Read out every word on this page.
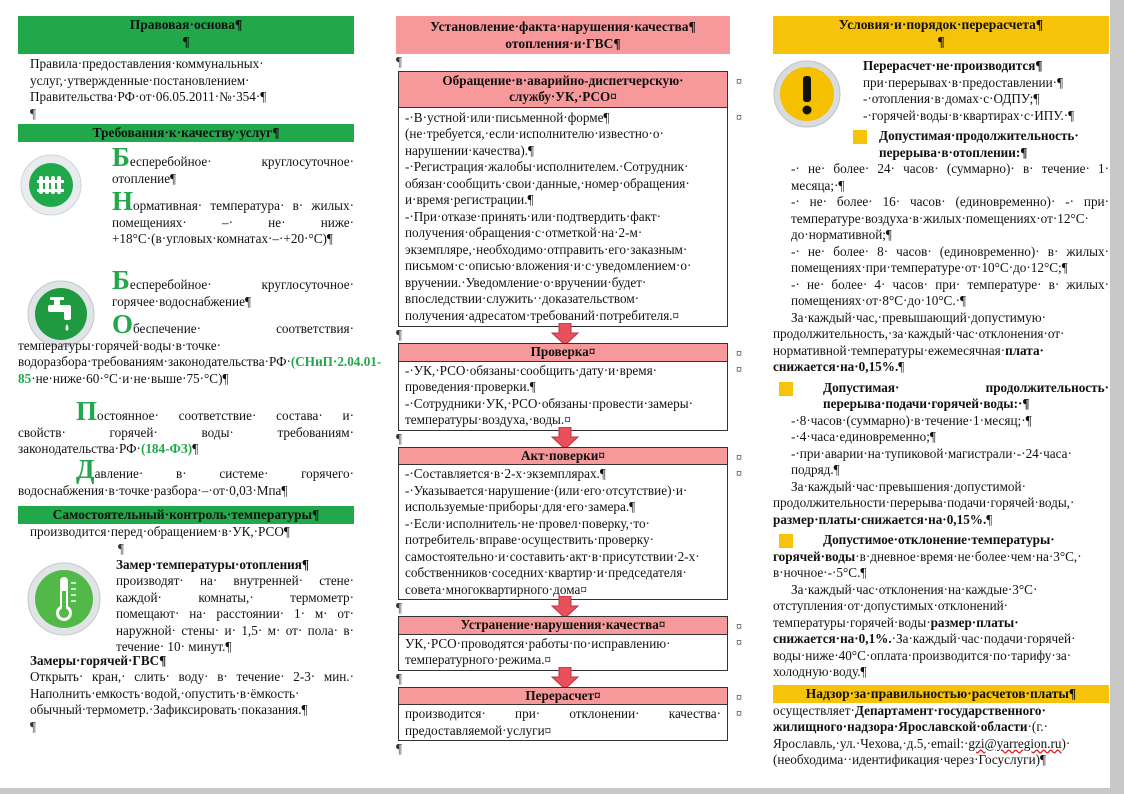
Правовая·основа¶
¶
Правила·предоставления·коммунальных· услуг,·утвержденные·постановлением· Правительства·РФ·от·06.05.2011·№·354·¶
¶
Требования·к·качеству·услуг¶
Бесперебойное· круглосуточное· отопление¶
Нормативная· температура· в· жилых· помещениях· –· не· ниже· +18°С·(в·угловых·комнатах·–·+20·°С)¶
Бесперебойное· круглосуточное· горячее·водоснабжение¶
Обеспечение· соответствия· температуры·горячей·воды·в·точке· водоразбора·требованиям·законодательства·РФ·(СНиП·2.04.01-85·не·ниже·60·°С·и·не·выше·75·°С)¶
Постоянное· соответствие· состава· и· свойств· горячей· воды· требованиям· законодательства·РФ·(184-ФЗ)¶
Давление· в· системе· горячего· водоснабжения·в·точке·разбора·–·от·0,03·Мпа¶
Самостоятельный·контроль·температуры¶
производится·перед·обращением·в·УК,·РСО¶
¶
Замер·температуры·отопления¶
производят· на· внутренней· стене· каждой· комнаты,· термометр· помещают· на· расстоянии· 1· м· от· наружной· стены· и· 1,5· м· от· пола· в· течение· 10· минут.¶
Замеры·горячей·ГВС¶
Открыть· кран,· слить· воду· в· течение· 2-3· мин.· Наполнить·емкость·водой,·опустить·в·ёмкость· обычный·термометр.·Зафиксировать·показания.¶
¶
Установление·факта·нарушения·качества¶ отопления·и·ГВС¶
¶
Обращение·в·аварийно-диспетчерскую· службу·УК,·РСО¤
-·В·устной·или·письменной·форме¶ (не·требуется,·если·исполнителю·известно·о· нарушении·качества).¶
-·Регистрация·жалобы·исполнителем.·Сотрудник· обязан·сообщить·свои·данные,·номер·обращения· и·время·регистрации.¶
-·При·отказе·принять·или·подтвердить·факт· получения·обращения·с·отметкой·на·2-м· экземпляре,·необходимо·отправить·его·заказным· письмом·с·описью·вложения·и·с·уведомлением·о· вручении.·Уведомление·о·вручении·будет· впоследствии·служить··доказательством· получения·адресатом·требований·потребителя.¤
¤
¤
¶
Проверка¤
-·УК,·РСО·обязаны·сообщить·дату·и·время· проведения·проверки.¶
-·Сотрудники·УК,·РСО·обязаны·провести·замеры· температуры·воздуха,·воды.¤
¤
¤
¶
Акт·поверки¤
-·Составляется·в·2-х·экземплярах.¶
-·Указывается·нарушение·(или·его·отсутствие)·и· используемые·приборы·для·его·замера.¶
-·Если·исполнитель·не·провел·поверку,·то· потребитель·вправе·осуществить·проверку· самостоятельно·и·составить·акт·в·присутствии·2-х· собственников·соседних·квартир·и·председателя· совета·многоквартирного·дома¤
¤
¤
¶
Устранение·нарушения·качества¤
УК,·РСО·проводятся·работы·по·исправлению· температурного·режима.¤
¤
¤
¶
Перерасчет¤
производится· при· отклонении· качества· предоставляемой·услуги¤
¤
¤
¶
Условия·и·порядок·перерасчета¶
¶
Перерасчет·не·производится¶
при·перерывах·в·предоставлении·¶
-·отопления·в·домах·с·ОДПУ;¶
-·горячей·воды·в·квартирах·с·ИПУ.·¶
Допустимая·продолжительность· перерыва·в·отоплении:¶
-· не· более· 24· часов· (суммарно)· в· течение· 1· месяца;·¶
-· не· более· 16· часов· (единовременно)· -· при· температуре·воздуха·в·жилых·помещениях·от·12°С· до·нормативной;¶
-· не· более· 8· часов· (единовременно)· в· жилых· помещениях·при·температуре·от·10°С·до·12°С;¶
-· не· более· 4· часов· при· температуре· в· жилых· помещениях·от·8°С·до·10°С.·¶
За·каждый·час,·превышающий·допустимую· продолжительность,·за·каждый·час·отклонения·от· нормативной·температуры·ежемесячная·плата· снижается·на·0,15%.¶
Допустимая· продолжительность· перерыва·подачи·горячей·воды:·¶
-·8·часов·(суммарно)·в·течение·1·месяц;·¶
-·4·часа·единовременно;¶
-·при·аварии·на·тупиковой·магистрали·-·24·часа· подряд.¶
За·каждый·час·превышения·допустимой· продолжительности·перерыва·подачи·горячей·воды,· размер·платы·снижается·на·0,15%.¶
Допустимое·отклонение·температуры· горячей·воды·в·дневное·время·не·более·чем·на·3°С,· в·ночное·-·5°С.¶
За·каждый·час·отклонения·на·каждые·3°С· отступления·от·допустимых·отклонений· температуры·горячей·воды·размер·платы· снижается·на·0,1%.·За·каждый·час·подачи·горячей· воды·ниже·40°С·оплата·производится·по·тарифу·за· холодную·воду.¶
Надзор·за·правильностью·расчетов·платы¶
осуществляет·Департамент·государственного· жилищного·надзора·Ярославской·области·(г.· Ярославль,·ул.·Чехова,·д.5,·email:·gzi@yarregion.ru)· (необходима··идентификация·через·Госуслуги)¶
